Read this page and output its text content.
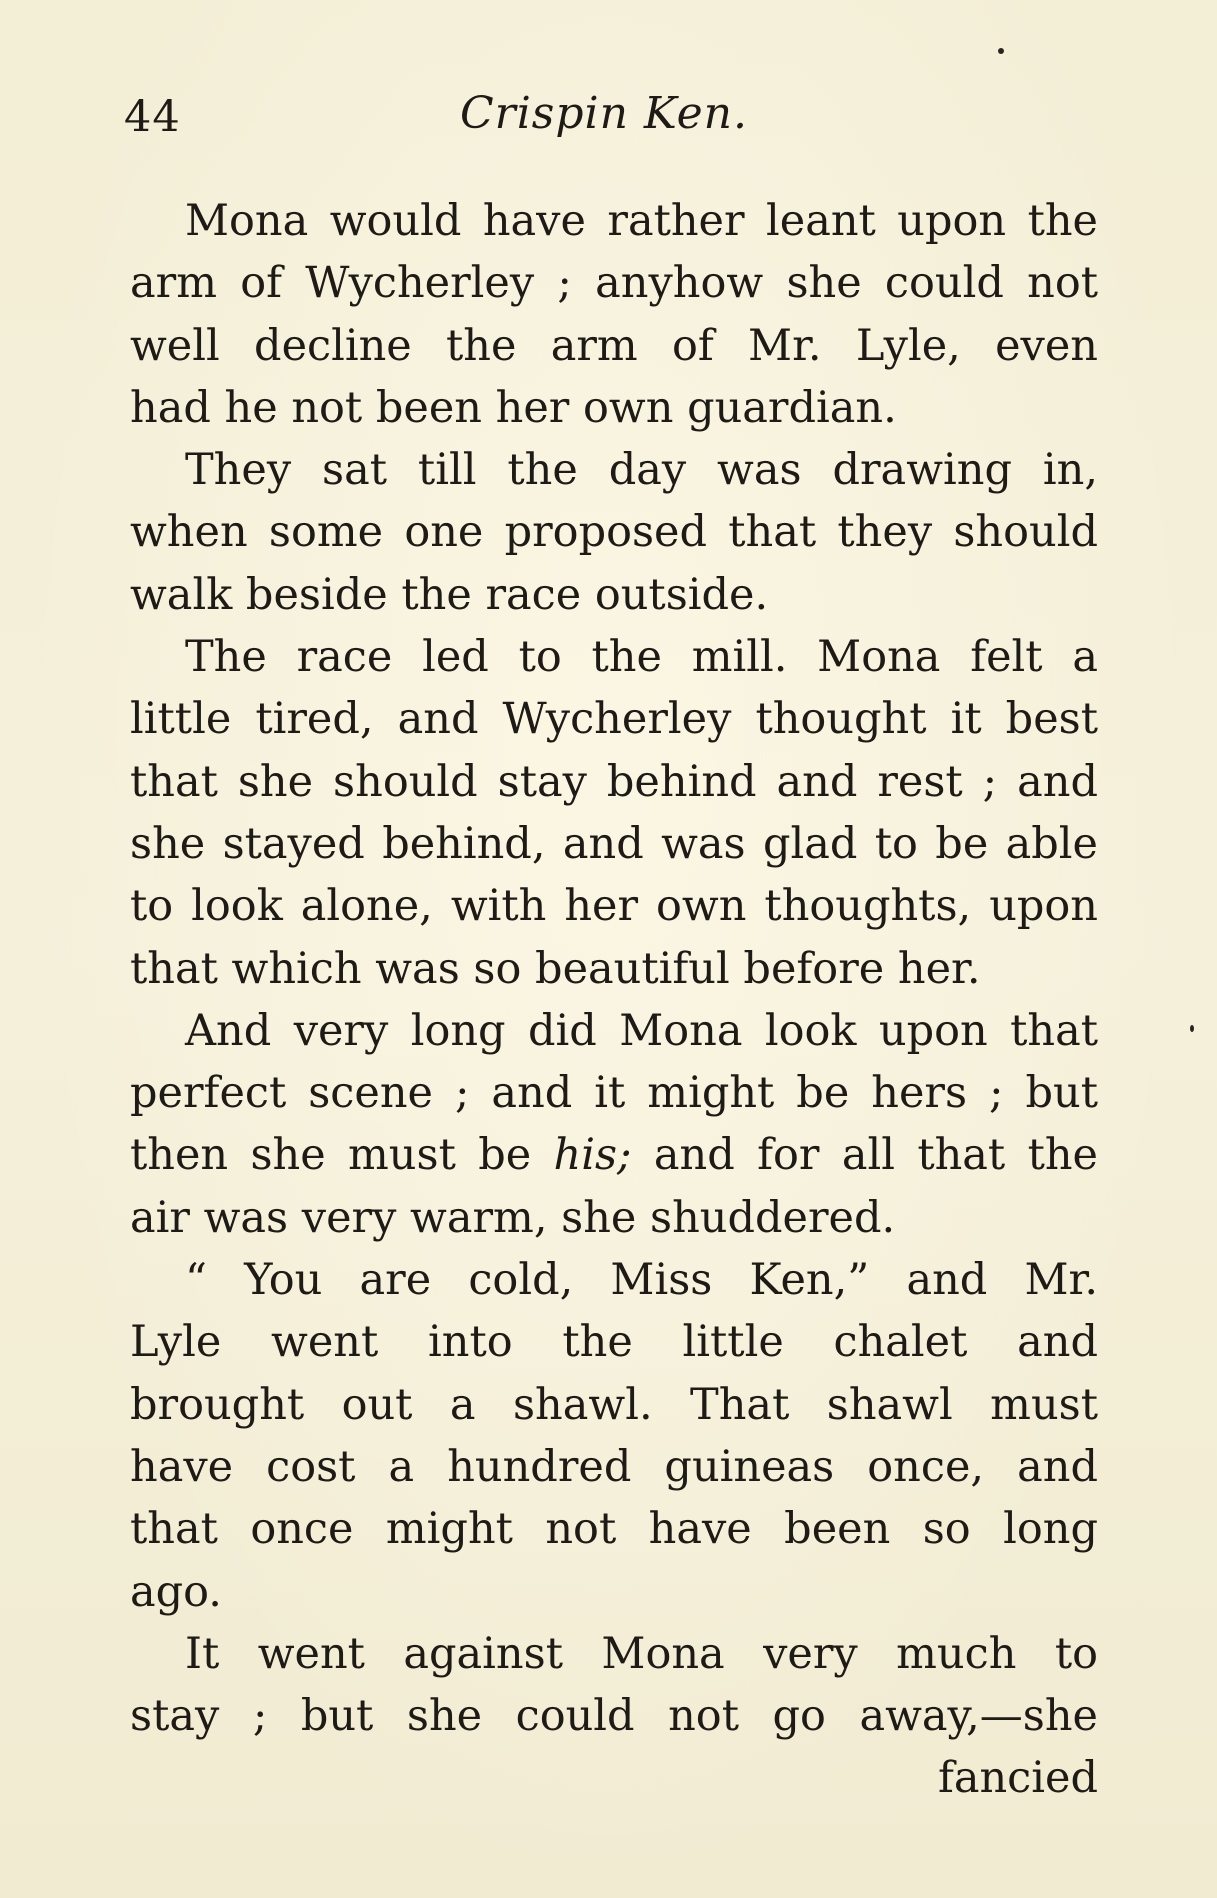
44	Crispin Ken.
Mona would have rather leant upon the
arm of Wycherley ; anyhow she could not
well decline the arm of Mr. Lyle, even
had he not been her own guardian.
They sat till the day was drawing in,
when some one proposed that they should
walk beside the race outside.
The race led to the mill. Mona felt a
little tired, and Wycherley thought it best
that she should stay behind and rest ; and
she stayed behind, and was glad to be able
to look alone, with her own thoughts, upon
that which was so beautiful before her.
And very long did Mona look upon that
perfect scene ; and it might be hers ; but
then she must be his; and for all that the
air was very warm, she shuddered.
“ You are cold, Miss Ken,” and Mr.
Lyle went into the little chalet and
brought out a shawl. That shawl must
have cost a hundred guineas once, and
that once might not have been so long
ago.
It went against Mona very much to
stay ; but she could not go away,—she
fancied
